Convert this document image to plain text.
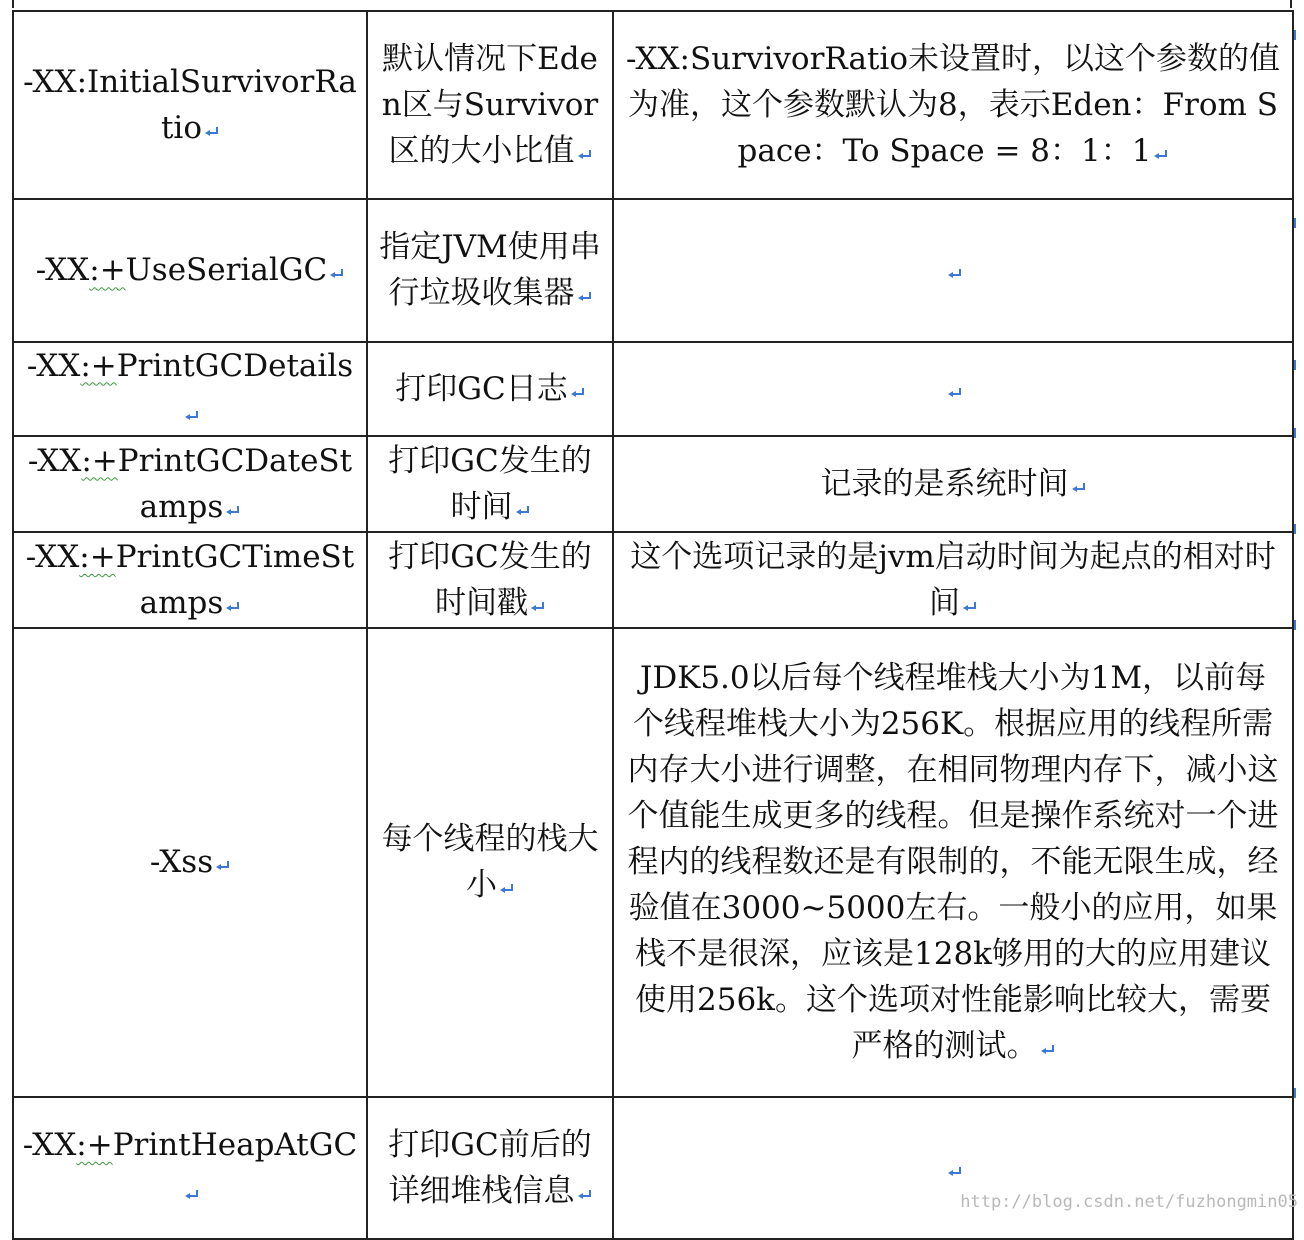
-XX:InitialSurvivorRatio	默认情况下Eden区与Survivor区的大小比值	-XX:SurvivorRatio未设置时，以这个参数的值为准，这个参数默认为8，表示Eden：From Space：To Space = 8：1：1

-XX:+UseSerialGC	指定JVM使用串行垃圾收集器

-XX:+PrintGCDetails	打印GC日志

-XX:+PrintGCDateStamps	打印GC发生的时间	记录的是系统时间

-XX:+PrintGCTimeStamps	打印GC发生的时间戳	这个选项记录的是jvm启动时间为起点的相对时间

-Xss	每个线程的栈大小	JDK5.0以后每个线程堆栈大小为1M，以前每个线程堆栈大小为256K。根据应用的线程所需内存大小进行调整，在相同物理内存下，减小这个值能生成更多的线程。但是操作系统对一个进程内的线程数还是有限制的，不能无限生成，经验值在3000~5000左右。一般小的应用，如果栈不是很深，应该是128k够用的大的应用建议使用256k。这个选项对性能影响比较大，需要严格的测试。

-XX:+PrintHeapAtGC	打印GC前后的详细堆栈信息
		http://blog.csdn.net/fuzhongmin05
